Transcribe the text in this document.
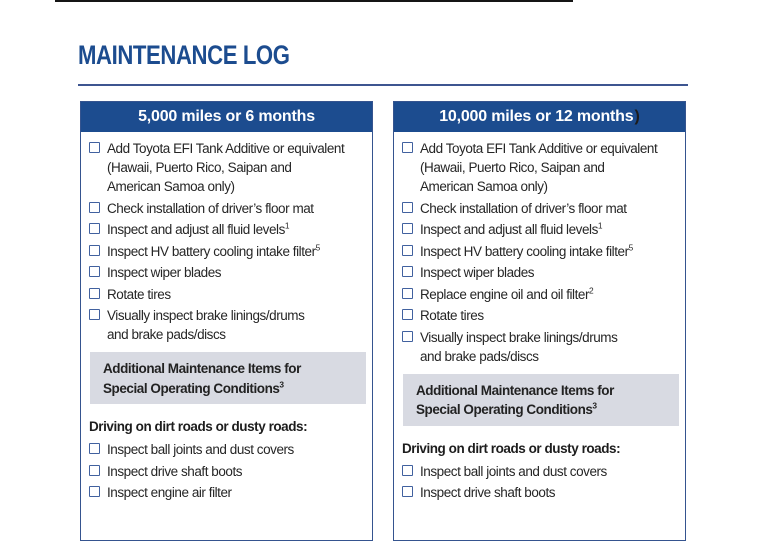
MAINTENANCE LOG
5,000 miles or 6 months
Add Toyota EFI Tank Additive or equivalent
(Hawaii, Puerto Rico, Saipan and
American Samoa only)
Check installation of driver’s floor mat
Inspect and adjust all fluid levels$^1$
Inspect HV battery cooling intake filter$^5$
Inspect wiper blades
Rotate tires
Visually inspect brake linings/drums
and brake pads/discs
Additional Maintenance Items for
Special Operating Conditions$^3$
Driving on dirt roads or dusty roads:
Inspect ball joints and dust covers
Inspect drive shaft boots
Inspect engine air filter
10,000 miles or 12 months )
Add Toyota EFI Tank Additive or equivalent
(Hawaii, Puerto Rico, Saipan and
American Samoa only)
Check installation of driver’s floor mat
Inspect and adjust all fluid levels$^1$
Inspect HV battery cooling intake filter$^5$
Inspect wiper blades
Replace engine oil and oil filter$^2$
Rotate tires
Visually inspect brake linings/drums
and brake pads/discs
Additional Maintenance Items for
Special Operating Conditions$^3$
Driving on dirt roads or dusty roads:
Inspect ball joints and dust covers
Inspect drive shaft boots
